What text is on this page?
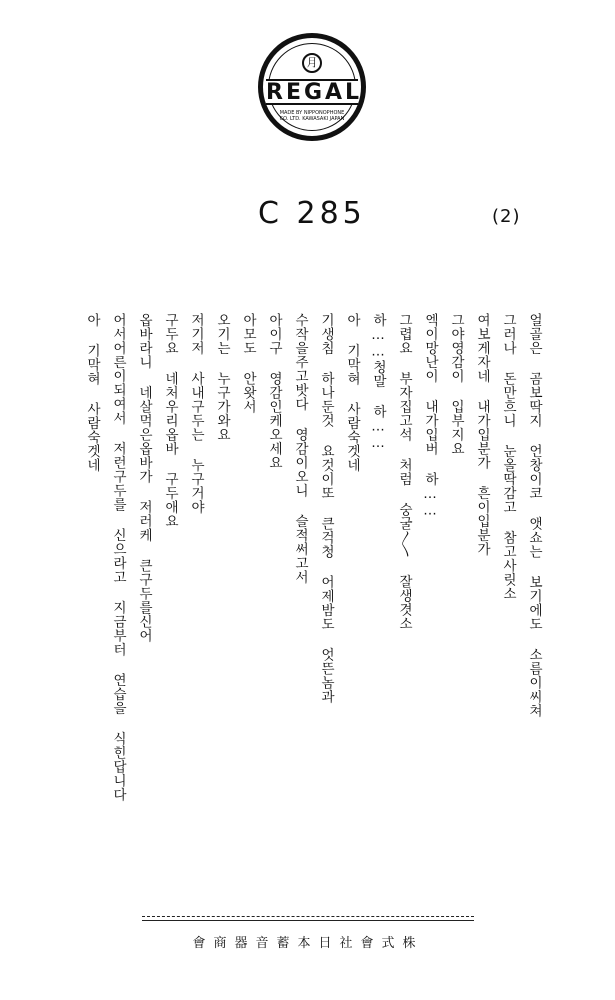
月
REGAL
MADE BY NIPPONOPHONE CO. LTD. KAWASAKI JAPAN
C 285	(2)
얼골은 곰보딱지 언창이코 앳쇼는 보기에도 소름이씨쳐
그러나 돈만흐니 눈올딱감고 참고사릿소
여보게자네 내가입분가 흔이입분가
그야영감이 입부지요
엑이망난이 내가입버 하……
그렵요 부자집고석 처럼 숭굴〳〵 잘생겻소
하……청말 하……
아 기막혀 사람숙겟네
기생침 하나둔것 요것이또 큰걱청 어제밤도 엇뜬놈과
수작을주고밧다 영감이오니 슬적써고서
아이구 영감인케오세요
아모도 안왓서
오기는 누구가와요
저기저 사내구두는 누구거야
구두요 네처우리옵바 구두애요
옵바라니 네살먹은옵바가 저러케 큰구두를신어
어서어른이되여서 저런구두를 신으라고 지금부터 연습을 식힌답니다
아 기막혀 사람숙겟네
會商器音蓄本日社會式株
